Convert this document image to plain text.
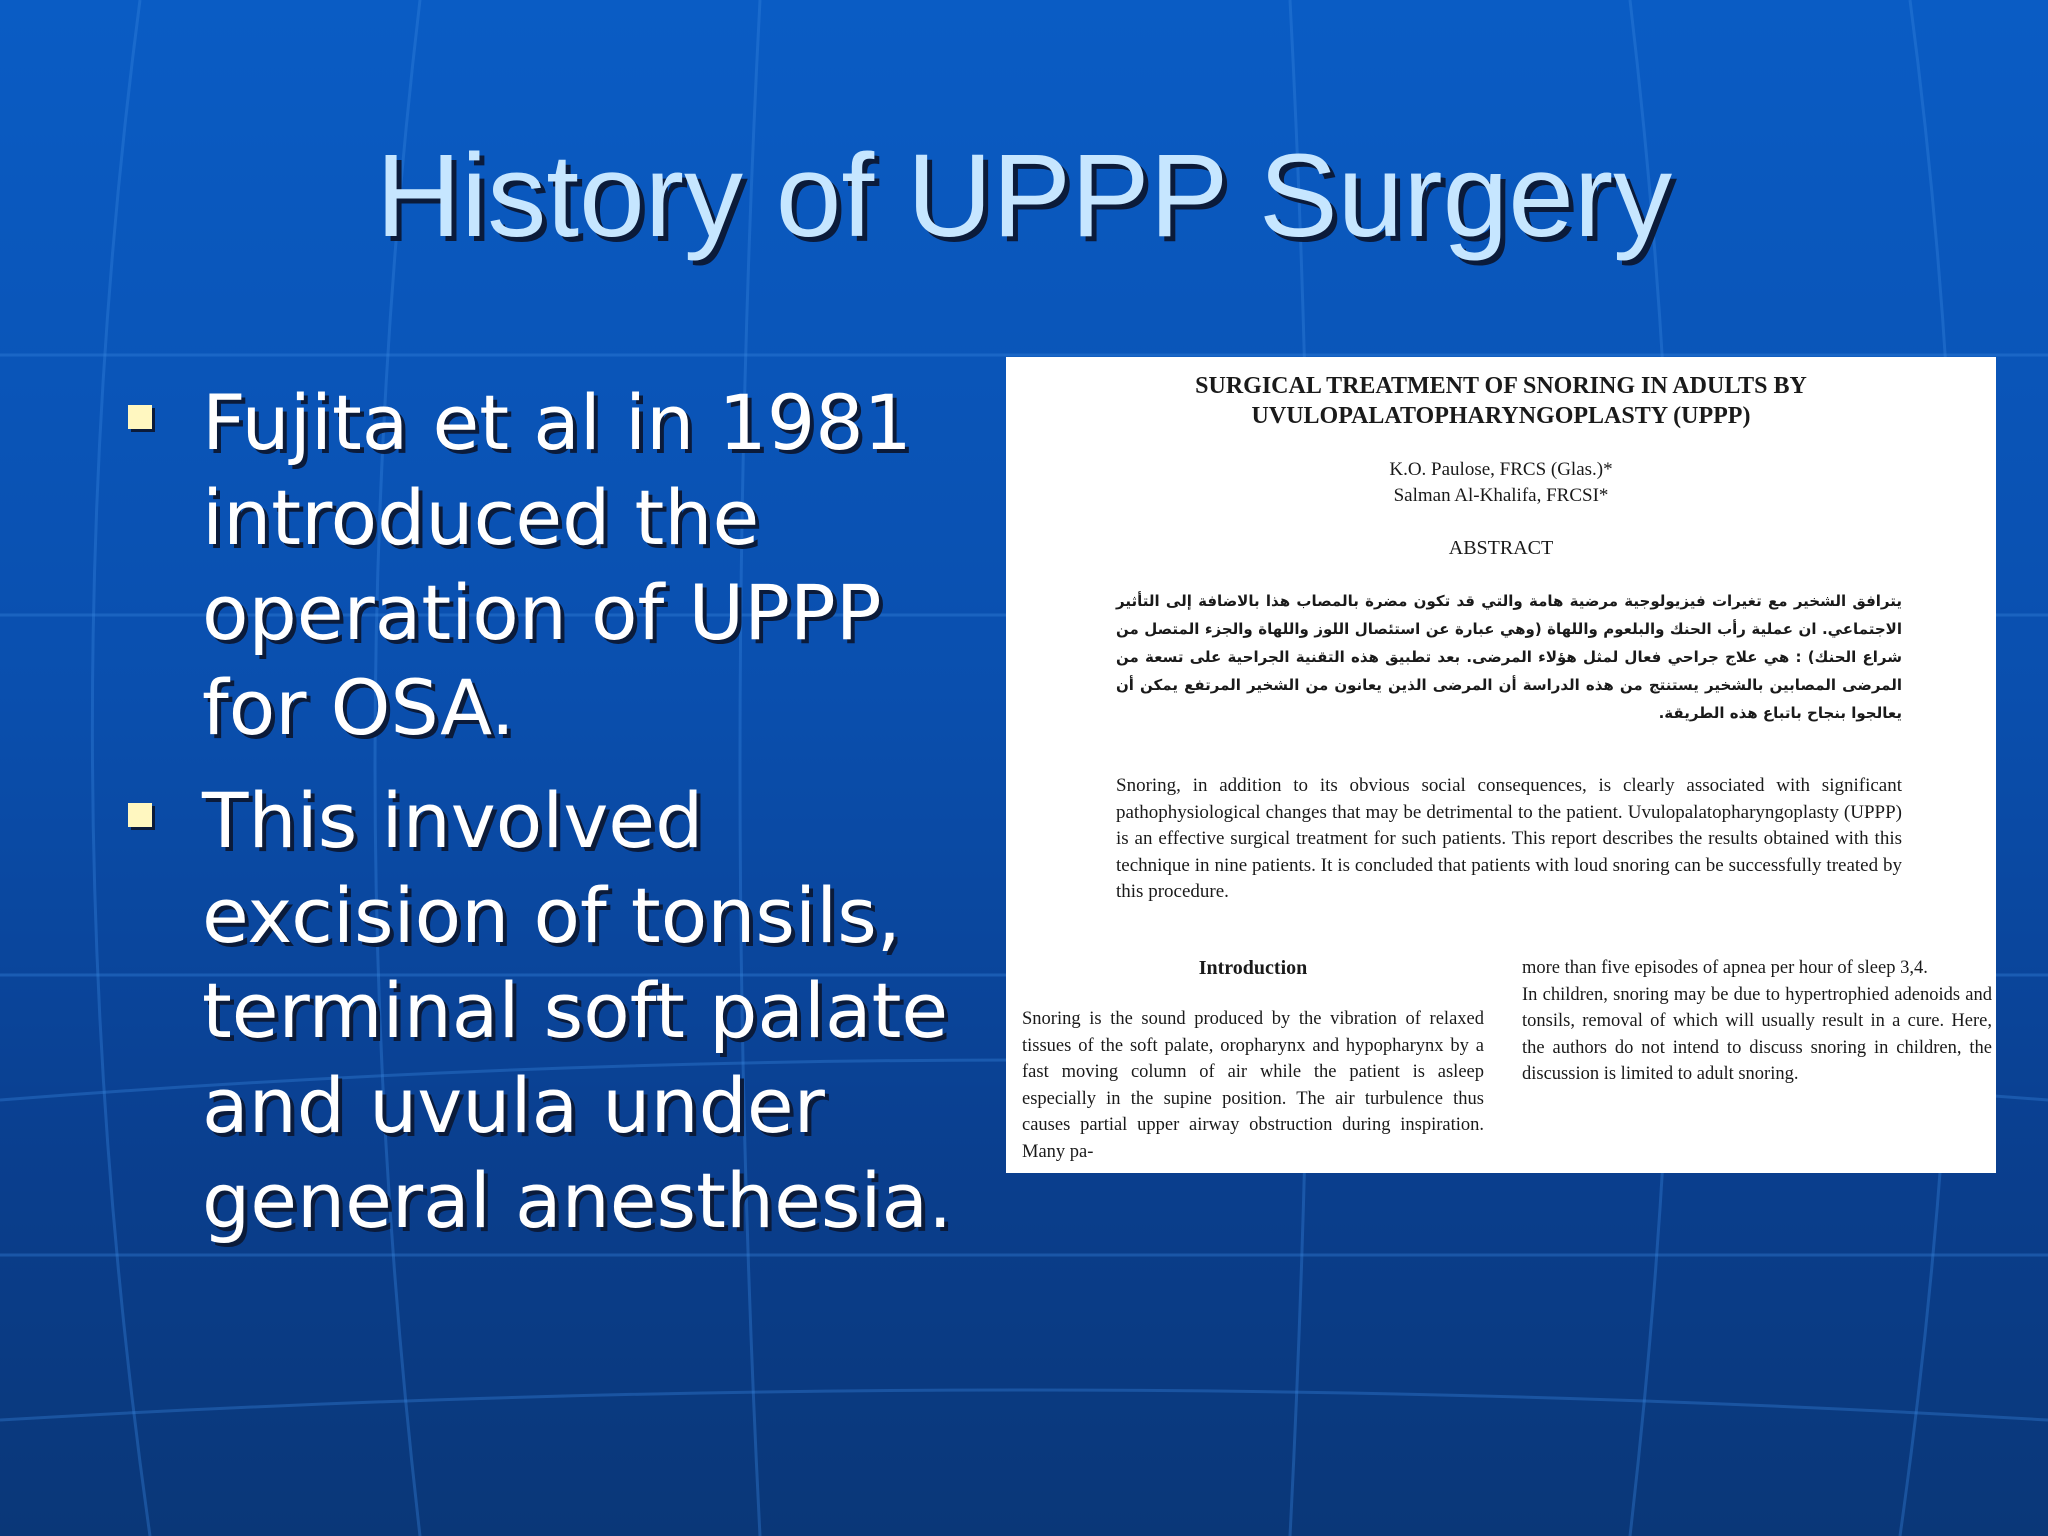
History of UPPP Surgery
Fujita et al in 1981 introduced the operation of UPPP for OSA.
This involved excision of tonsils, terminal soft palate and uvula under general anesthesia.
SURGICAL TREATMENT OF SNORING IN ADULTS BY
UVULOPALATOPHARYNGOPLASTY (UPPP)
K.O. Paulose, FRCS (Glas.)*
Salman Al-Khalifa, FRCSI*
ABSTRACT
يترافق الشخير مع تغيرات فيزيولوجية مرضية هامة والتي قد تكون مضرة بالمصاب هذا بالاضافة إلى التأثير الاجتماعي. ان عملية رأب الحنك والبلعوم واللهاة (وهي عبارة عن استئصال اللوز واللهاة والجزء المتصل من شراع الحنك) : هي علاج جراحي فعال لمثل هؤلاء المرضى. بعد تطبيق هذه التقنية الجراحية على تسعة من المرضى المصابين بالشخير يستنتج من هذه الدراسة أن المرضى الذين يعانون من الشخير المرتفع يمكن أن يعالجوا بنجاح باتباع هذه الطريقة.
Snoring, in addition to its obvious social consequences, is clearly associated with significant pathophysiological changes that may be detrimental to the patient. Uvulopalatopharyngoplasty (UPPP) is an effective surgical treatment for such patients. This report describes the results obtained with this technique in nine patients. It is concluded that patients with loud snoring can be successfully treated by this procedure.
Introduction
Snoring is the sound produced by the vibration of relaxed tissues of the soft palate, oropharynx and hypopharynx by a fast moving column of air while the patient is asleep especially in the supine position. The air turbulence thus causes partial upper airway obstruction during inspiration. Many pa-

more than five episodes of apnea per hour of sleep 3,4.

In children, snoring may be due to hypertrophied adenoids and tonsils, removal of which will usually result in a cure. Here, the authors do not intend to discuss snoring in children, the discussion is limited to adult snoring.
